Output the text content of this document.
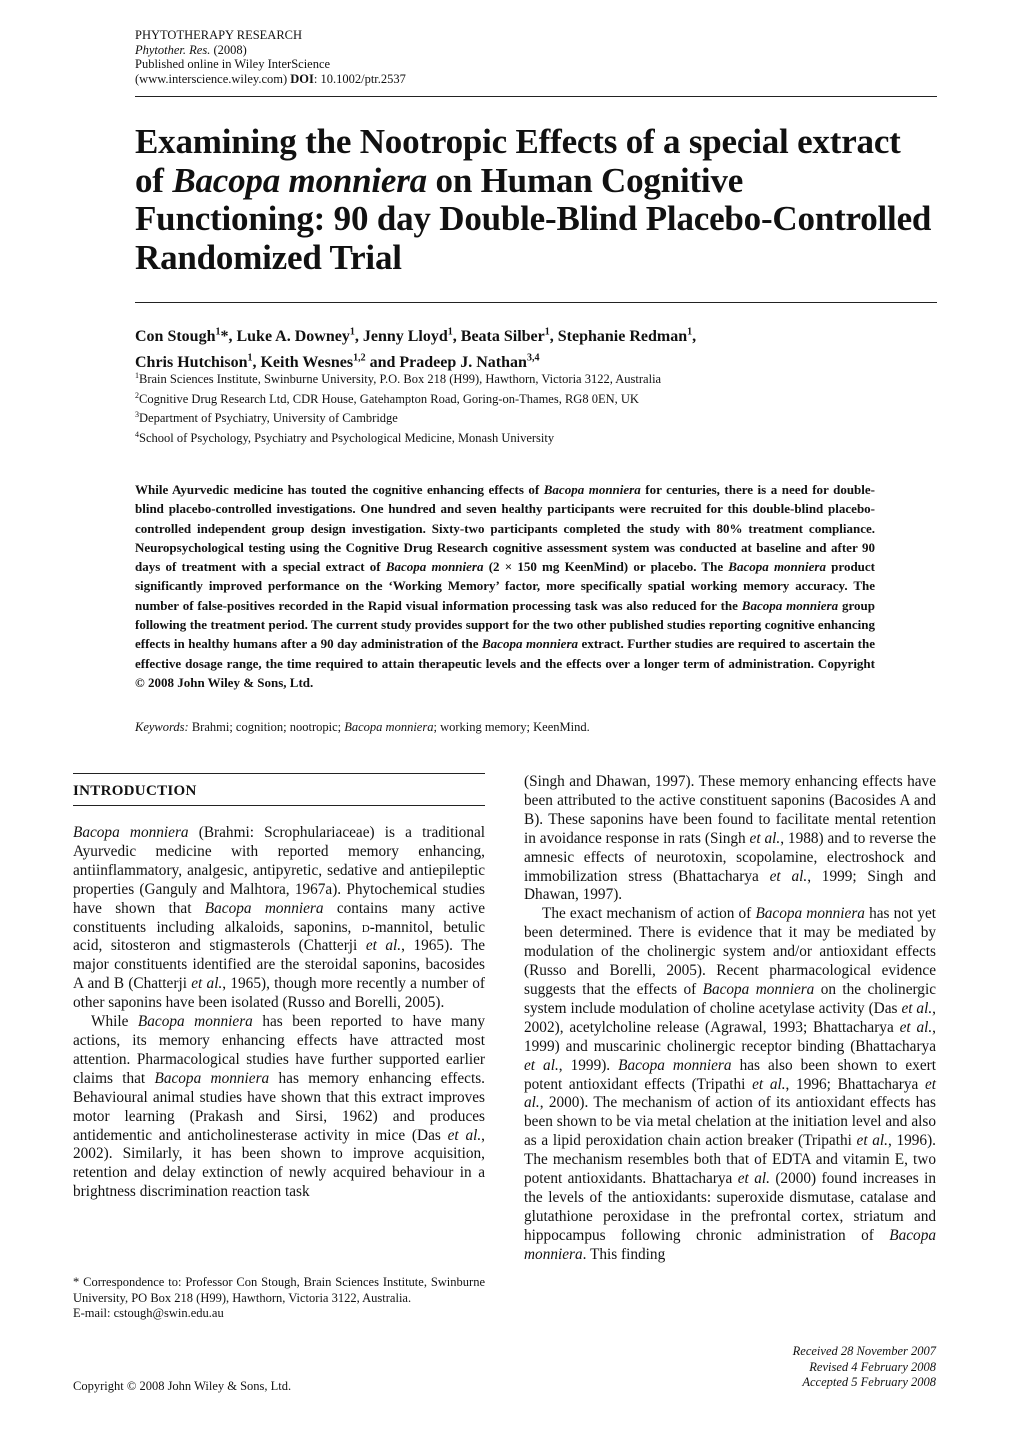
PHYTOTHERAPY RESEARCH
Phytother. Res. (2008)
Published online in Wiley InterScience
(www.interscience.wiley.com) DOI: 10.1002/ptr.2537
Examining the Nootropic Effects of a special extract of Bacopa monniera on Human Cognitive Functioning: 90 day Double-Blind Placebo-Controlled Randomized Trial
Con Stough$^1$*, Luke A. Downey$^1$, Jenny Lloyd$^1$, Beata Silber$^1$, Stephanie Redman$^1$,
Chris Hutchison$^1$, Keith Wesnes$^{1,2}$ and Pradeep J. Nathan$^{3,4}$
$^1$Brain Sciences Institute, Swinburne University, P.O. Box 218 (H99), Hawthorn, Victoria 3122, Australia
$^2$Cognitive Drug Research Ltd, CDR House, Gatehampton Road, Goring-on-Thames, RG8 0EN, UK
$^3$Department of Psychiatry, University of Cambridge
$^4$School of Psychology, Psychiatry and Psychological Medicine, Monash University
While Ayurvedic medicine has touted the cognitive enhancing effects of Bacopa monniera for centuries, there is a need for double-blind placebo-controlled investigations. One hundred and seven healthy participants were recruited for this double-blind placebo-controlled independent group design investigation. Sixty-two participants completed the study with 80% treatment compliance. Neuropsychological testing using the Cognitive Drug Research cognitive assessment system was conducted at baseline and after 90 days of treatment with a special extract of Bacopa monniera (2 × 150 mg KeenMind) or placebo. The Bacopa monniera product significantly improved performance on the ‘Working Memory’ factor, more specifically spatial working memory accuracy. The number of false-positives recorded in the Rapid visual information processing task was also reduced for the Bacopa monniera group following the treatment period. The current study provides support for the two other published studies reporting cognitive enhancing effects in healthy humans after a 90 day administration of the Bacopa monniera extract. Further studies are required to ascertain the effective dosage range, the time required to attain therapeutic levels and the effects over a longer term of administration. Copyright © 2008 John Wiley & Sons, Ltd.
Keywords: Brahmi; cognition; nootropic; Bacopa monniera; working memory; KeenMind.
INTRODUCTION

Bacopa monniera (Brahmi: Scrophulariaceae) is a traditional Ayurvedic medicine with reported memory enhancing, antiinflammatory, analgesic, antipyretic, sedative and antiepileptic properties (Ganguly and Malhtora, 1967a). Phytochemical studies have shown that Bacopa monniera contains many active constituents including alkaloids, saponins, d-mannitol, betulic acid, sitosteron and stigmasterols (Chatterji et al., 1965). The major constituents identified are the steroidal saponins, bacosides A and B (Chatterji et al., 1965), though more recently a number of other saponins have been isolated (Russo and Borelli, 2005).

While Bacopa monniera has been reported to have many actions, its memory enhancing effects have attracted most attention. Pharmacological studies have further supported earlier claims that Bacopa monniera has memory enhancing effects. Behavioural animal studies have shown that this extract improves motor learning (Prakash and Sirsi, 1962) and produces antidementic and anticholinesterase activity in mice (Das et al., 2002). Similarly, it has been shown to improve acquisition, retention and delay extinction of newly acquired behaviour in a brightness discrimination reaction task

* Correspondence to: Professor Con Stough, Brain Sciences Institute, Swinburne University, PO Box 218 (H99), Hawthorn, Victoria 3122, Australia.
E-mail: cstough@swin.edu.au

(Singh and Dhawan, 1997). These memory enhancing effects have been attributed to the active constituent saponins (Bacosides A and B). These saponins have been found to facilitate mental retention in avoidance response in rats (Singh et al., 1988) and to reverse the amnesic effects of neurotoxin, scopolamine, electroshock and immobilization stress (Bhattacharya et al., 1999; Singh and Dhawan, 1997).

The exact mechanism of action of Bacopa monniera has not yet been determined. There is evidence that it may be mediated by modulation of the cholinergic system and/or antioxidant effects (Russo and Borelli, 2005). Recent pharmacological evidence suggests that the effects of Bacopa monniera on the cholinergic system include modulation of choline acetylase activity (Das et al., 2002), acetylcholine release (Agrawal, 1993; Bhattacharya et al., 1999) and muscarinic cholinergic receptor binding (Bhattacharya et al., 1999). Bacopa monniera has also been shown to exert potent antioxidant effects (Tripathi et al., 1996; Bhattacharya et al., 2000). The mechanism of action of its antioxidant effects has been shown to be via metal chelation at the initiation level and also as a lipid peroxidation chain action breaker (Tripathi et al., 1996). The mechanism resembles both that of EDTA and vitamin E, two potent antioxidants. Bhattacharya et al. (2000) found increases in the levels of the antioxidants: superoxide dismutase, catalase and glutathione peroxidase in the prefrontal cortex, striatum and hippocampus following chronic administration of Bacopa monniera. This finding

Received 28 November 2007
Revised 4 February 2008
Accepted 5 February 2008
Copyright © 2008 John Wiley & Sons, Ltd.
